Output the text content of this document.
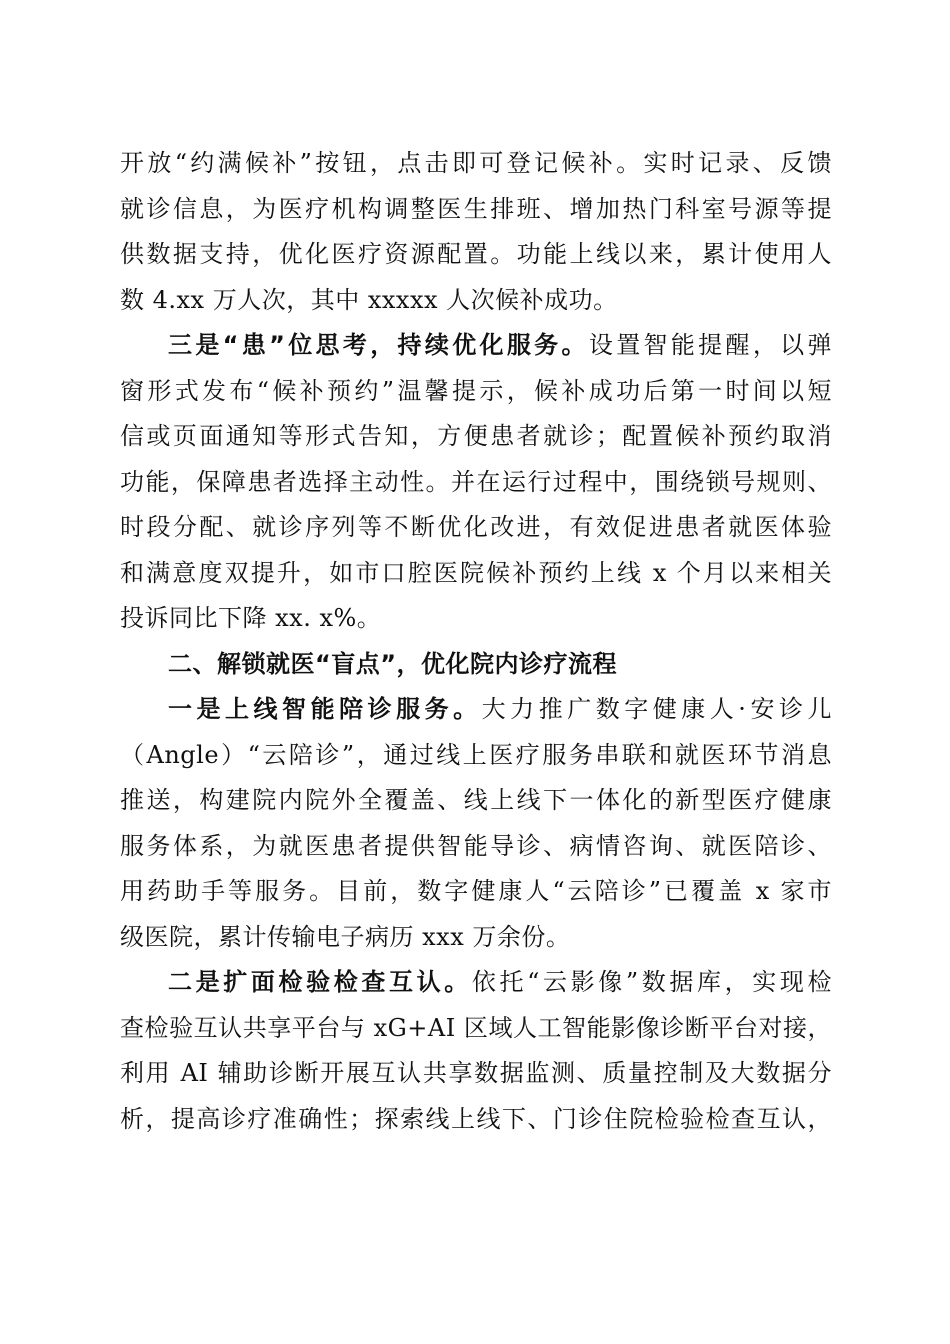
开放“约满候补”按钮，点击即可登记候补。实时记录、反馈
就诊信息，为医疗机构调整医生排班、增加热门科室号源等提
供数据支持，优化医疗资源配置。功能上线以来，累计使用人
数 4.xx 万人次，其中 xxxxx 人次候补成功。
三是“患”位思考，持续优化服务。设置智能提醒，以弹
窗形式发布“候补预约”温馨提示，候补成功后第一时间以短
信或页面通知等形式告知，方便患者就诊；配置候补预约取消
功能，保障患者选择主动性。并在运行过程中，围绕锁号规则、
时段分配、就诊序列等不断优化改进，有效促进患者就医体验
和满意度双提升，如市口腔医院候补预约上线 x 个月以来相关
投诉同比下降 xx. x%。
二、解锁就医“盲点”，优化院内诊疗流程
一是上线智能陪诊服务。大力推广数字健康人·安诊儿
（Angle）“云陪诊”，通过线上医疗服务串联和就医环节消息
推送，构建院内院外全覆盖、线上线下一体化的新型医疗健康
服务体系，为就医患者提供智能导诊、病情咨询、就医陪诊、
用药助手等服务。目前，数字健康人“云陪诊”已覆盖 x 家市
级医院，累计传输电子病历 xxx 万余份。
二是扩面检验检查互认。依托“云影像”数据库，实现检
查检验互认共享平台与 xG+AI 区域人工智能影像诊断平台对接，
利用 AI 辅助诊断开展互认共享数据监测、质量控制及大数据分
析，提高诊疗准确性；探索线上线下、门诊住院检验检查互认，
